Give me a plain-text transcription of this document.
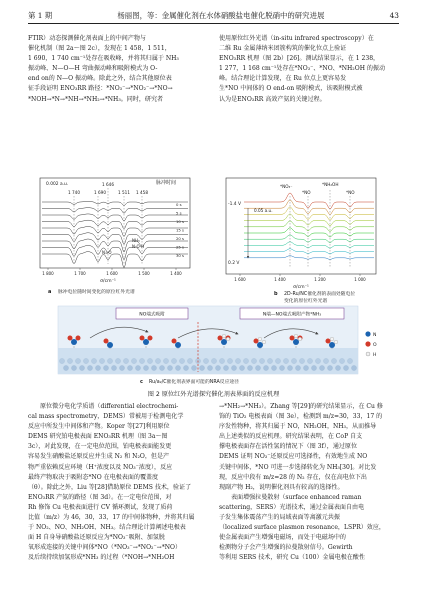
第 1 期	杨丽图，等：金属催化剂在水体硝酸盐电催化脱硝中的研究进展	43

FTIR）动态探测催化剂表面上的中间产物与

催化机制（图 2a～图 2c），发现在 1 458，1 511，

1 690，1 740 cm⁻¹处存在吸收峰，并将其归属于 NH₃

振动峰、N—O—H 弯曲振动峰和吸附模式为 O-

end on的 N—O 振动峰。除此之外，结合其他原位表

征手段证明 ENO₃RR 路径：*NO₃⁻→*NO₂⁻→*NO→

*NOH→*N→*NH→*NH₂→*NH₃。同时，研究者

使用原位红外光谱（in-situ infrared spectroscopy）在

二维 Ru 金属薄纳米团簇构筑的催化位点上验证

ENO₃RR 机理（图 2b）[26]。测试结果显示，在 1 238，

1 277，1 168 cm⁻¹处存在*NO₃⁻、*NO、*NH₂OH 的振动

峰。结合理论计算发现，在 Ru 位点上更容易发

生*NO 中间体的 O end-on 吸附模式，该吸附模式被

认为是ENO₃RR 高效产氨的关键过程。

脉冲时间
0.002 a.u.
1 740
1 646
1 690	1 511 1 458
NH₃
N-O-H
N=O
0 s
5 s
10 s
15 s
20 s
25 s
30 s
1 800	1 700	1 600	1 500	1 400
σ/cm⁻¹
a 脉冲电位随时间变化的原位红外光谱
-1.4 V
0.2 V
0.05 a.u.
*NO₃⁻
*NO
*NH₂OH
*NO
1 600	1 400	1 200	1 000
σ/cm⁻¹
b 2D-Ru/NC催化剂的表面处随电位
变化的原位红外光谱
NO端式吸附	N端—NO端式吸附产物*NH₃
N
O
H
c Ru/a₂/C催化剂表界面可能的NRA反应途径
图 2 原位红外光谱探究催化剂表界面的反应机理

原位微分电化学质谱（differential electrochemi-

cal mass spectrometry，DEMS）常被用于检测电化学

反应中所发生中间体和产物。Koper 等[27]利用原位

DEMS 研究铂电极表面 ENO₃RR 机理（图 3a～图

3c），对此发现，在一定电位范围，铂电极表面能发更

容易发生硝酸盐还原反应并生成 N₂ 和 N₂O，但是产

物严重依赖反应环境（H⁺浓度以及 NO₃⁻浓度），反应

最终产物取决于吸附态*NO 在电极表面的覆盖度

（θ）。除此之外，Liu 等[28]借助原位 DEMS 技术，验证了

ENO₃RR 产氨的路径（图 3d）。在一定电位范围，对

Rh 修饰 Cu 电极表面进行 CV 循环测试，发现了质荷

比值（m/z）为 46，30，33，17 的中间体物种，并将其归属

于 NO₂、NO、NH₂OH、NH₃。结合理论计算阐述电极表

面 H 自身导硝酸盐还原反应为*NO₃⁻吸附、加氢脱

氧形成连接的关键中间体*NO（*NO₃⁻→*NO₂⁻→*NO）

及后续持续加氢形成*NH₃ 的过程（*NOH→*NH₂OH

→*NH₂→*NH₃）。Zhang 等[29]的研究结果显示，在 Cu 修

饰的 TiO₂ 电极表面（图 3e），检测到 m/z=30，33，17 的

序发性物种，将其归属于 NO，NH₂OH，NH₃，从而推导

出上述类似的反应机理。研究结果表明，在 CoP 自支

撑电极表面存在活性氢的情况下（图 3f），通过原位

DEMS 证明 NO₃⁻还原反应可选择性，有效地生成 NO

关键中间体，*NO 可进一步选择转化为 NH₃[30]。对比发

现，反应中段有 m/z=28 的 N₂ 存在，仅在高电位下出

现副产物 H₂，说明催化剂具有较高的选择性。

表面增强拉曼散射（surface enhanced raman

scattering，SERS）光谱技术，通过金属表面自由电

子发生集体震荡产生的局域表面等离激元共振

（localized surface plasmon resonance，LSPR）效应，

使金属表面产生增强电磁场，而处于电磁场中的

检测物分子会产生增强的拉曼散射信号。Gewirth

等利用 SERS 技术，研究 Cu（100）金属电极在酸性
